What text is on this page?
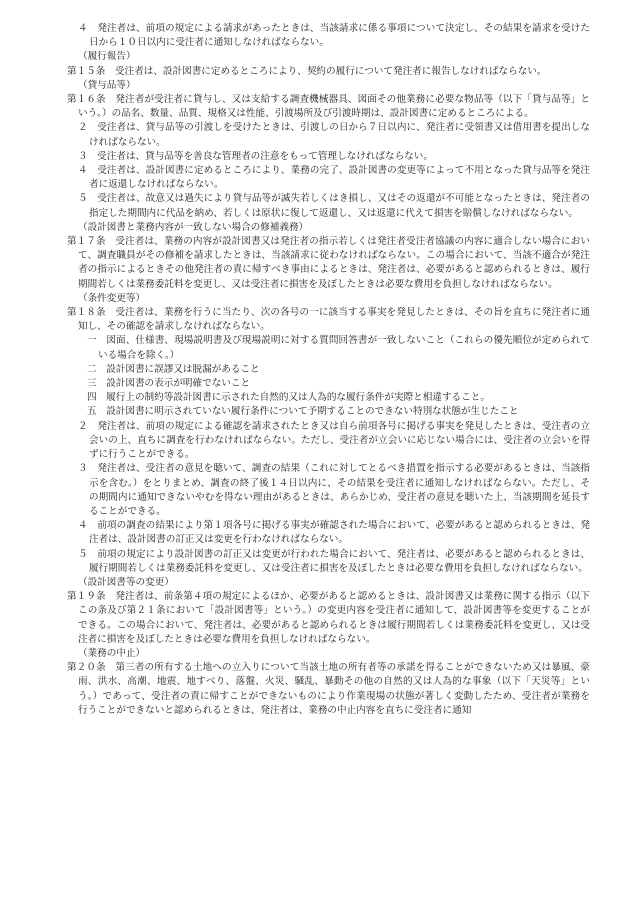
４　発注者は、前項の規定による請求があったときは、当該請求に係る事項について決定し、その結果を請求を受けた日から１０日以内に受注者に通知しなければならない。

（履行報告）

第１５条　受注者は、設計図書に定めるところにより、契約の履行について発注者に報告しなければならない。

（貸与品等）

第１６条　発注者が受注者に貸与し、又は支給する調査機械器具、図面その他業務に必要な物品等（以下「貸与品等」という。）の品名、数量、品質、規格又は性能、引渡場所及び引渡時期は、設計図書に定めるところによる。

２　受注者は、貸与品等の引渡しを受けたときは、引渡しの日から７日以内に、発注者に受領書又は借用書を提出しなければならない。

３　受注者は、貸与品等を善良な管理者の注意をもって管理しなければならない。

４　受注者は、設計図書に定めるところにより、業務の完了、設計図書の変更等によって不用となった貸与品等を発注者に返還しなければならない。

５　受注者は、故意又は過失により貸与品等が滅失若しくはき損し、又はその返還が不可能となったときは、発注者の指定した期間内に代品を納め、若しくは原状に復して返還し、又は返還に代えて損害を賠償しなければならない。

（設計図書と業務内容が一致しない場合の修補義務）

第１７条　受注者は、業務の内容が設計図書又は発注者の指示若しくは発注者受注者協議の内容に適合しない場合において、調査職員がその修補を請求したときは、当該請求に従わなければならない。この場合において、当該不適合が発注者の指示によるときその他発注者の責に帰すべき事由によるときは、発注者は、必要があると認められるときは、履行期間若しくは業務委託料を変更し、又は受注者に損害を及ぼしたときは必要な費用を負担しなければならない。

（条件変更等）

第１８条　受注者は、業務を行うに当たり、次の各号の一に該当する事実を発見したときは、その旨を直ちに発注者に通知し、その確認を請求しなければならない。

一　図面、仕様書、現場説明書及び現場説明に対する質問回答書が一致しないこと（これらの優先順位が定められている場合を除く。）

二　設計図書に誤謬又は脱漏があること

三　設計図書の表示が明確でないこと

四　履行上の制約等設計図書に示された自然的又は人為的な履行条件が実際と相違すること。

五　設計図書に明示されていない履行条件について予期することのできない特別な状態が生じたこと

２　発注者は、前項の規定による確認を請求されたとき又は自ら前項各号に掲げる事実を発見したときは、受注者の立会いの上、直ちに調査を行わなければならない。ただし、受注者が立会いに応じない場合には、受注者の立会いを得ずに行うことができる。

３　発注者は、受注者の意見を聴いて、調査の結果（これに対してとるべき措置を指示する必要があるときは、当該指示を含む。）をとりまとめ、調査の終了後１４日以内に、その結果を受注者に通知しなければならない。ただし、その期間内に通知できないやむを得ない理由があるときは、あらかじめ、受注者の意見を聴いた上、当該期間を延長することができる。

４　前項の調査の結果により第１項各号に掲げる事実が確認された場合において、必要があると認められるときは、発注者は、設計図書の訂正又は変更を行わなければならない。

５　前項の規定により設計図書の訂正又は変更が行われた場合において、発注者は、必要があると認められるときは、履行期間若しくは業務委託料を変更し、又は受注者に損害を及ぼしたときは必要な費用を負担しなければならない。

（設計図書等の変更）

第１９条　発注者は、前条第４項の規定によるほか、必要があると認めるときは、設計図書又は業務に関する指示（以下この条及び第２１条において「設計図書等」という。）の変更内容を受注者に通知して、設計図書等を変更することができる。この場合において、発注者は、必要があると認められるときは履行期間若しくは業務委託料を変更し、又は受注者に損害を及ぼしたときは必要な費用を負担しなければならない。

（業務の中止）

第２０条　第三者の所有する土地への立入りについて当該土地の所有者等の承諾を得ることができないため又は暴風、豪雨、洪水、高潮、地震、地すべり、落盤、火災、騒乱、暴動その他の自然的又は人為的な事象（以下「天災等」という。）であって、受注者の責に帰すことができないものにより作業現場の状態が著しく変動したため、受注者が業務を行うことができないと認められるときは、発注者は、業務の中止内容を直ちに受注者に通知
